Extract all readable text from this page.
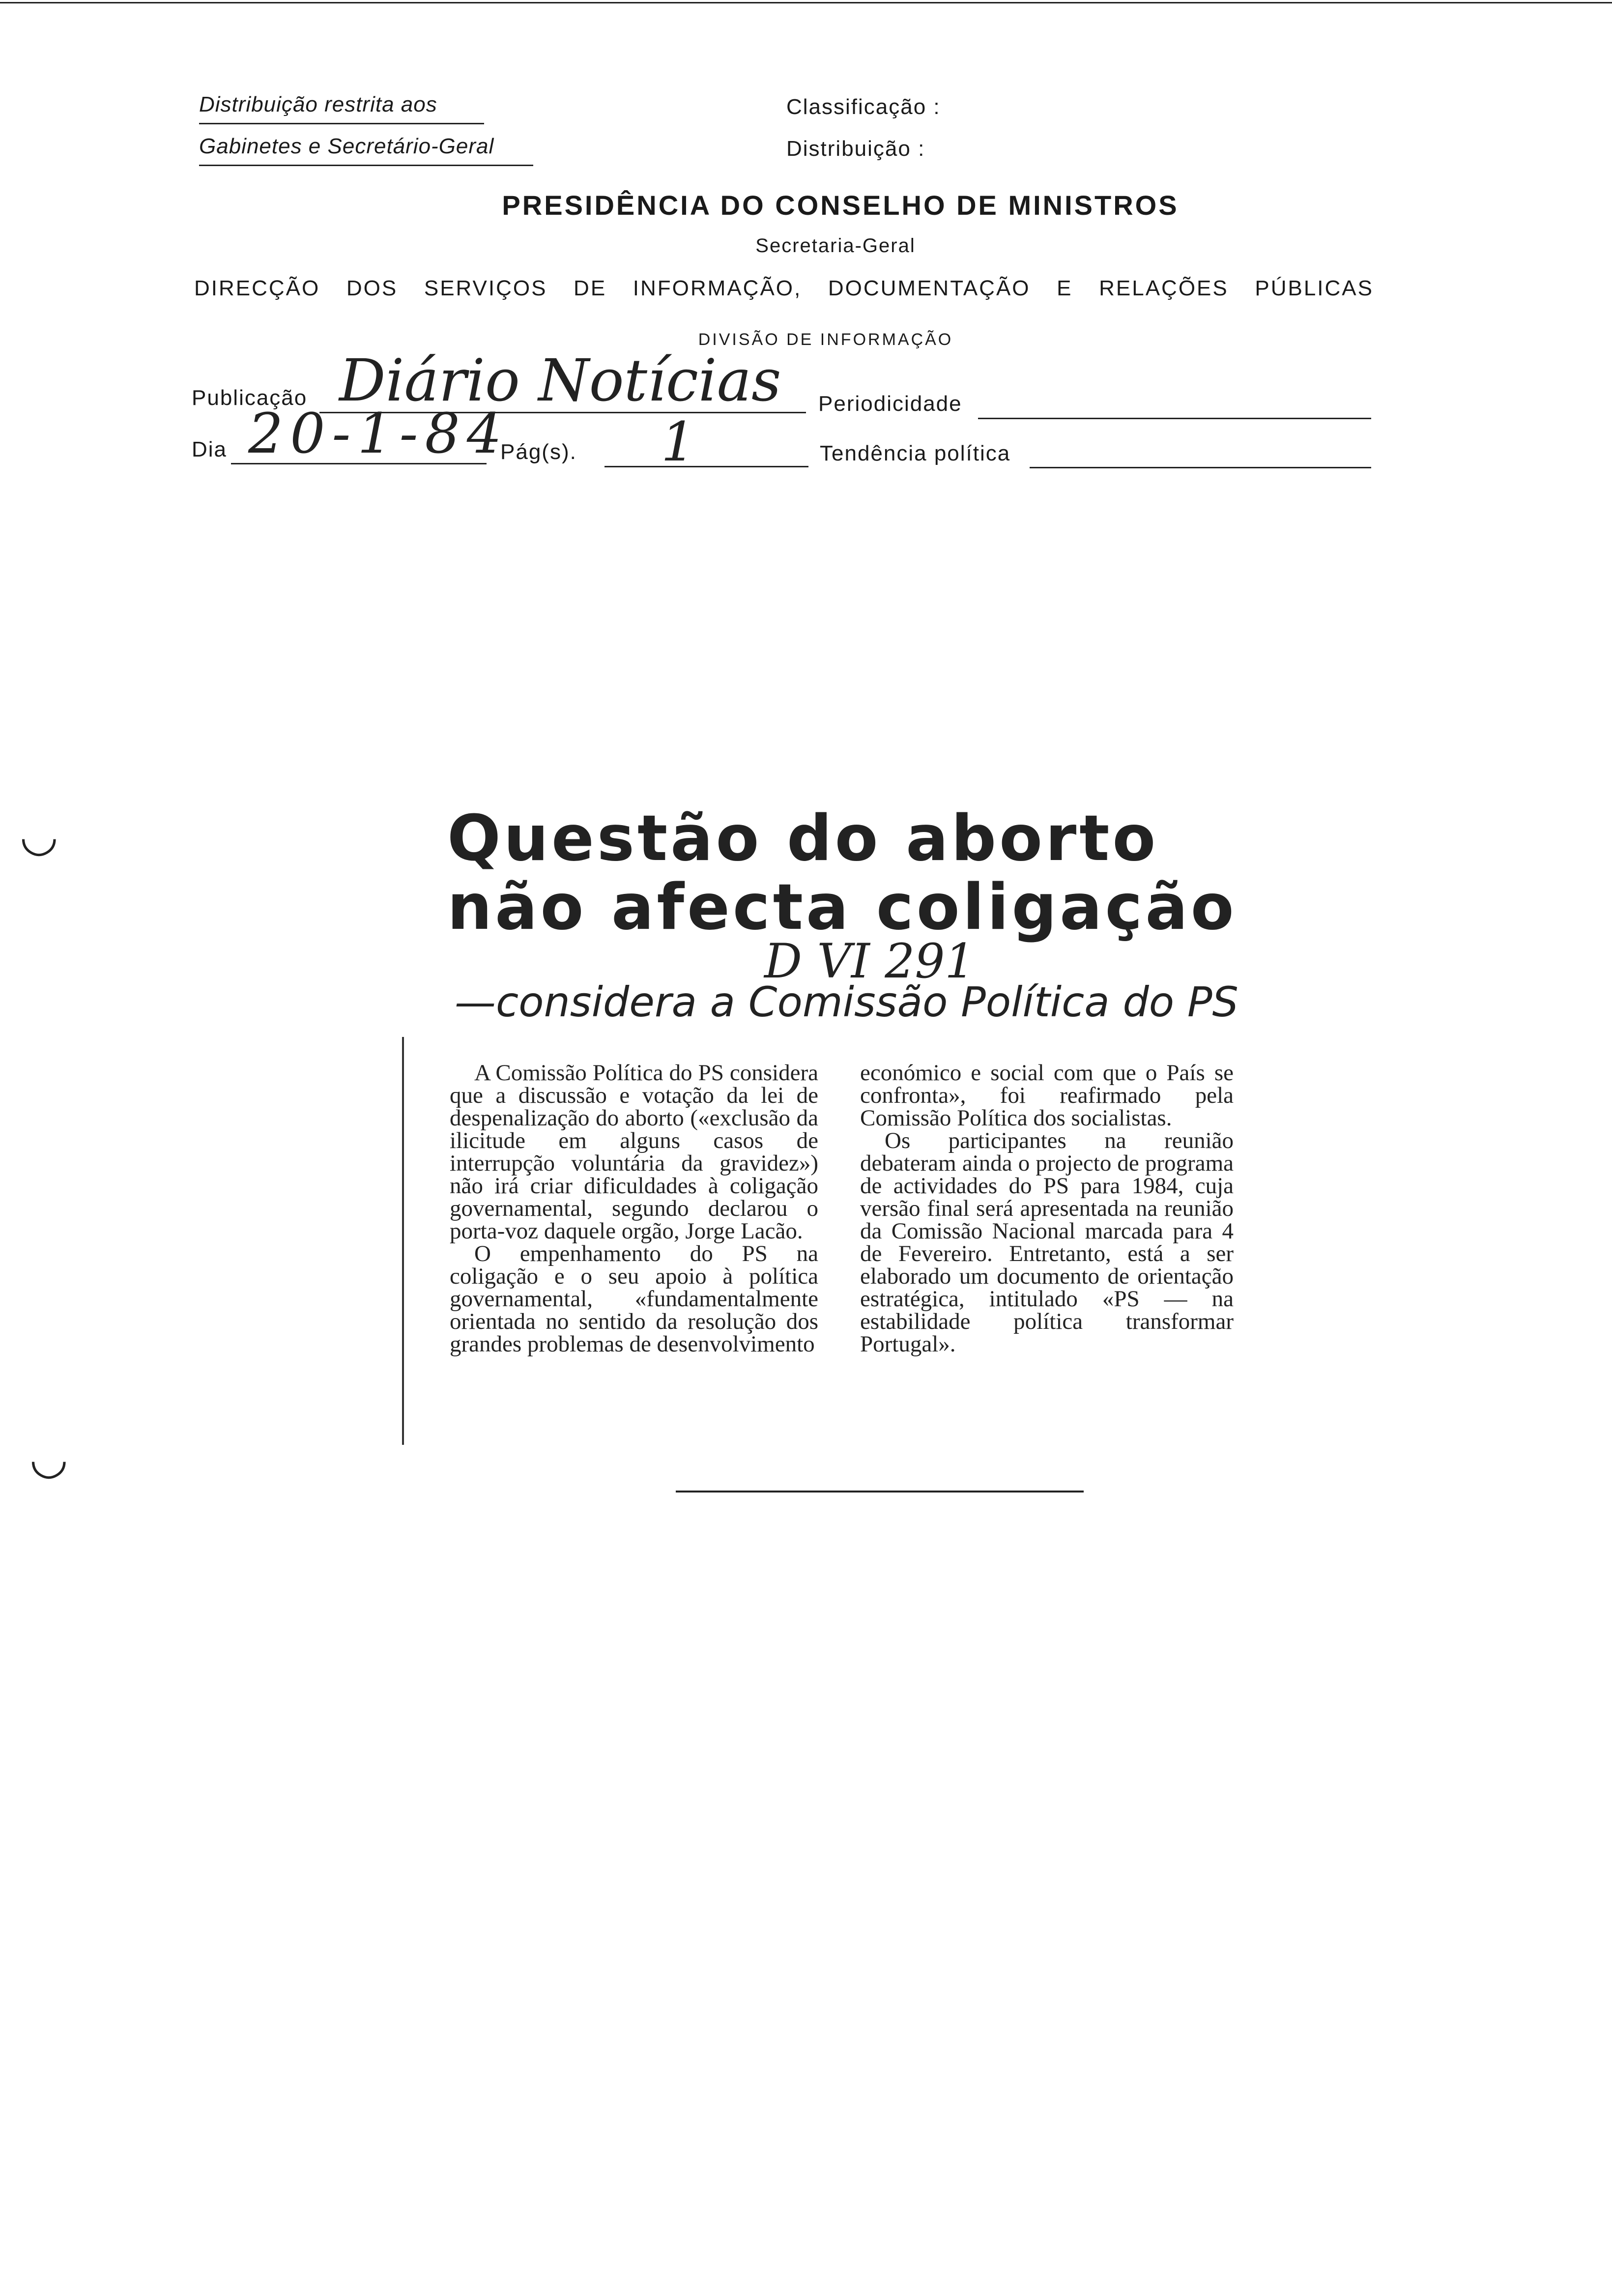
Distribuição restrita aos
Gabinetes e Secretário-Geral
Classificação :
Distribuição :
PRESIDÊNCIA DO CONSELHO DE MINISTROS
Secretaria-Geral
DIRECÇÃO DOS SERVIÇOS DE INFORMAÇÃO, DOCUMENTAÇÃO E RELAÇÕES PÚBLICAS
DIVISÃO DE INFORMAÇÃO
Publicação Diário Notícias Periodicidade
Dia 20-1-84
Pág(s). 1	Tendência política
◡
◡
Questão do aborto
não afecta coligação
D VI 291
—considera a Comissão Política do PS

A Comissão Política do PS considera que a discussão e votação da lei de despenalização do aborto («exclusão da ilicitude em alguns casos de interrupção voluntária da gravidez») não irá criar dificuldades à coligação governamental, segundo declarou o porta-voz daquele orgão, Jorge Lacão.

O empenhamento do PS na coligação e o seu apoio à política governamental, «fundamentalmente orientada no sentido da resolução dos grandes problemas de desenvolvimento

económico e social com que o País se confronta», foi reafirmado pela Comissão Política dos socialistas.

Os participantes na reunião debateram ainda o projecto de programa de actividades do PS para 1984, cuja versão final será apresentada na reunião da Comissão Nacional marcada para 4 de Fevereiro. Entretanto, está a ser elaborado um documento de orientação estratégica, intitulado «PS — na estabilidade política transformar Portugal».
